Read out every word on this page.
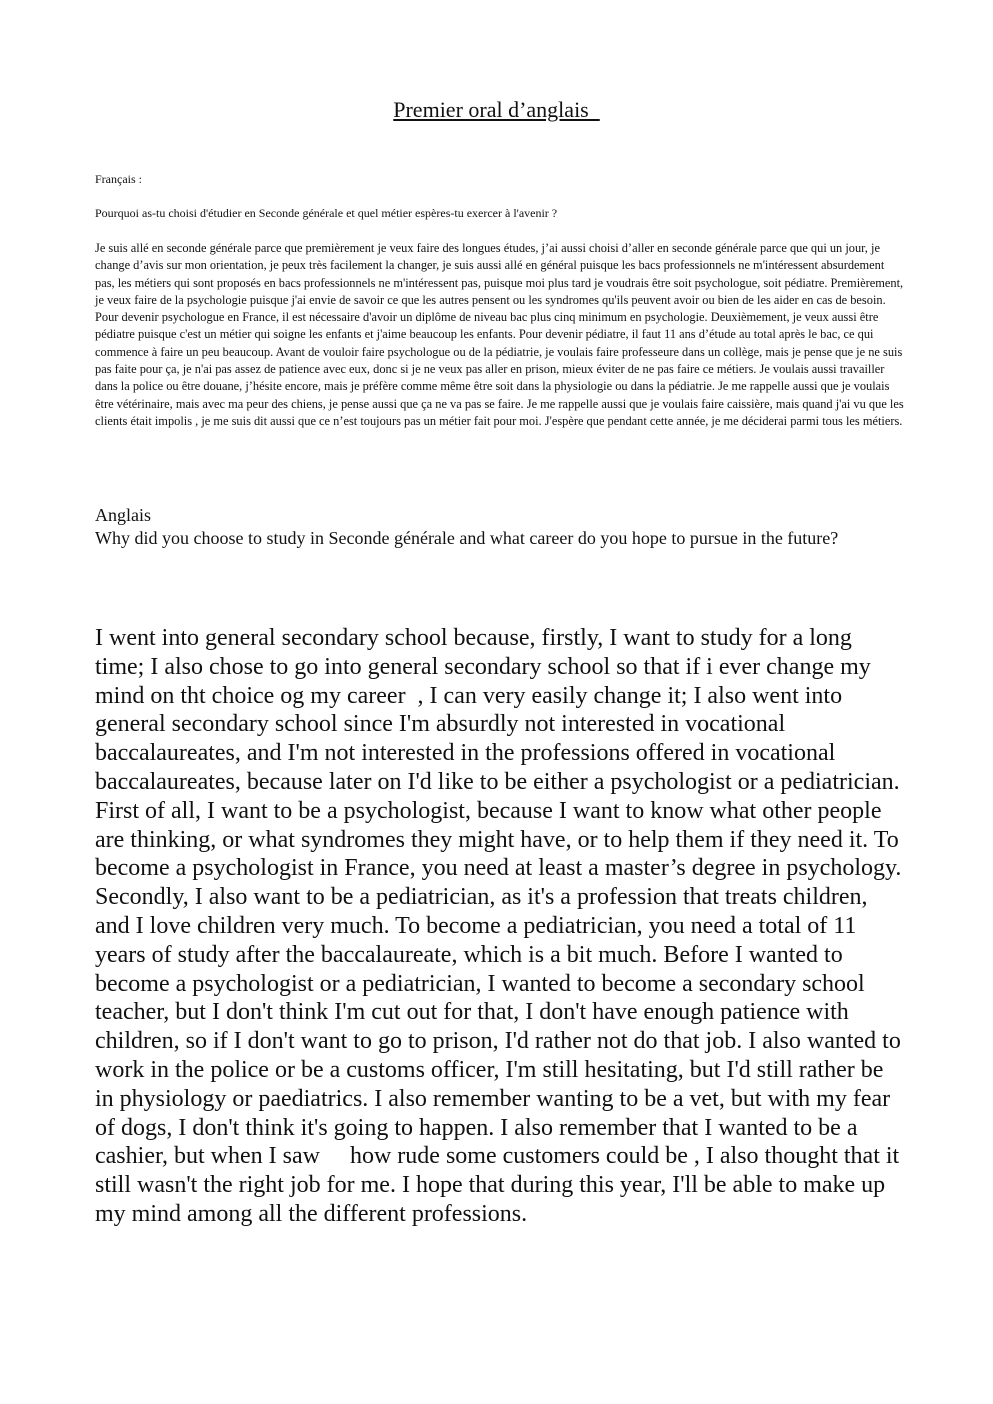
Premier oral d’anglais

Français :

Pourquoi as-tu choisi d'étudier en Seconde générale et quel métier espères-tu exercer à l'avenir ?

Je suis allé en seconde générale parce que premièrement je veux faire des longues études, j’ai aussi choisi d’aller en seconde générale parce que qui un jour, je change d’avis sur mon orientation, je peux très facilement la changer, je suis aussi allé en général puisque les bacs professionnels ne m'intéressent absurdement pas, les métiers qui sont proposés en bacs professionnels ne m'intéressent pas, puisque moi plus tard je voudrais être soit psychologue, soit pédiatre. Premièrement, je veux faire de la psychologie puisque j'ai envie de savoir ce que les autres pensent ou les syndromes qu'ils peuvent avoir ou bien de les aider en cas de besoin. Pour devenir psychologue en France, il est nécessaire d'avoir un diplôme de niveau bac plus cinq minimum en psychologie. Deuxièmement, je veux aussi être pédiatre puisque c'est un métier qui soigne les enfants et j'aime beaucoup les enfants. Pour devenir pédiatre, il faut 11 ans d’étude au total après le bac, ce qui commence à faire un peu beaucoup. Avant de vouloir faire psychologue ou de la pédiatrie, je voulais faire professeure dans un collège, mais je pense que je ne suis pas faite pour ça, je n'ai pas assez de patience avec eux, donc si je ne veux pas aller en prison, mieux éviter de ne pas faire ce métiers. Je voulais aussi travailler dans la police ou être douane, j’hésite encore, mais je préfère comme même être soit dans la physiologie ou dans la pédiatrie. Je me rappelle aussi que je voulais être vétérinaire, mais avec ma peur des chiens, je pense aussi que ça ne va pas se faire. Je me rappelle aussi que je voulais faire caissière, mais quand j'ai vu que les clients était impolis , je me suis dit aussi que ce n’est toujours pas un métier fait pour moi. J'espère que pendant cette année, je me déciderai parmi tous les métiers.

Anglais

Why did you choose to study in Seconde générale and what career do you hope to pursue in the future?

I went into general secondary school because, firstly, I want to study for a long time; I also chose to go into general secondary school so that if i ever change my mind on tht choice og my career  , I can very easily change it; I also went into general secondary school since I'm absurdly not interested in vocational baccalaureates, and I'm not interested in the professions offered in vocational baccalaureates, because later on I'd like to be either a psychologist or a pediatrician. First of all, I want to be a psychologist, because I want to know what other people are thinking, or what syndromes they might have, or to help them if they need it. To become a psychologist in France, you need at least a master’s degree in psychology. Secondly, I also want to be a pediatrician, as it's a profession that treats children, and I love children very much. To become a pediatrician, you need a total of 11 years of study after the baccalaureate, which is a bit much. Before I wanted to become a psychologist or a pediatrician, I wanted to become a secondary school teacher, but I don't think I'm cut out for that, I don't have enough patience with children, so if I don't want to go to prison, I'd rather not do that job. I also wanted to work in the police or be a customs officer, I'm still hesitating, but I'd still rather be in physiology or paediatrics. I also remember wanting to be a vet, but with my fear of dogs, I don't think it's going to happen. I also remember that I wanted to be a cashier, but when I saw     how rude some customers could be , I also thought that it still wasn't the right job for me. I hope that during this year, I'll be able to make up my mind among all the different professions.
